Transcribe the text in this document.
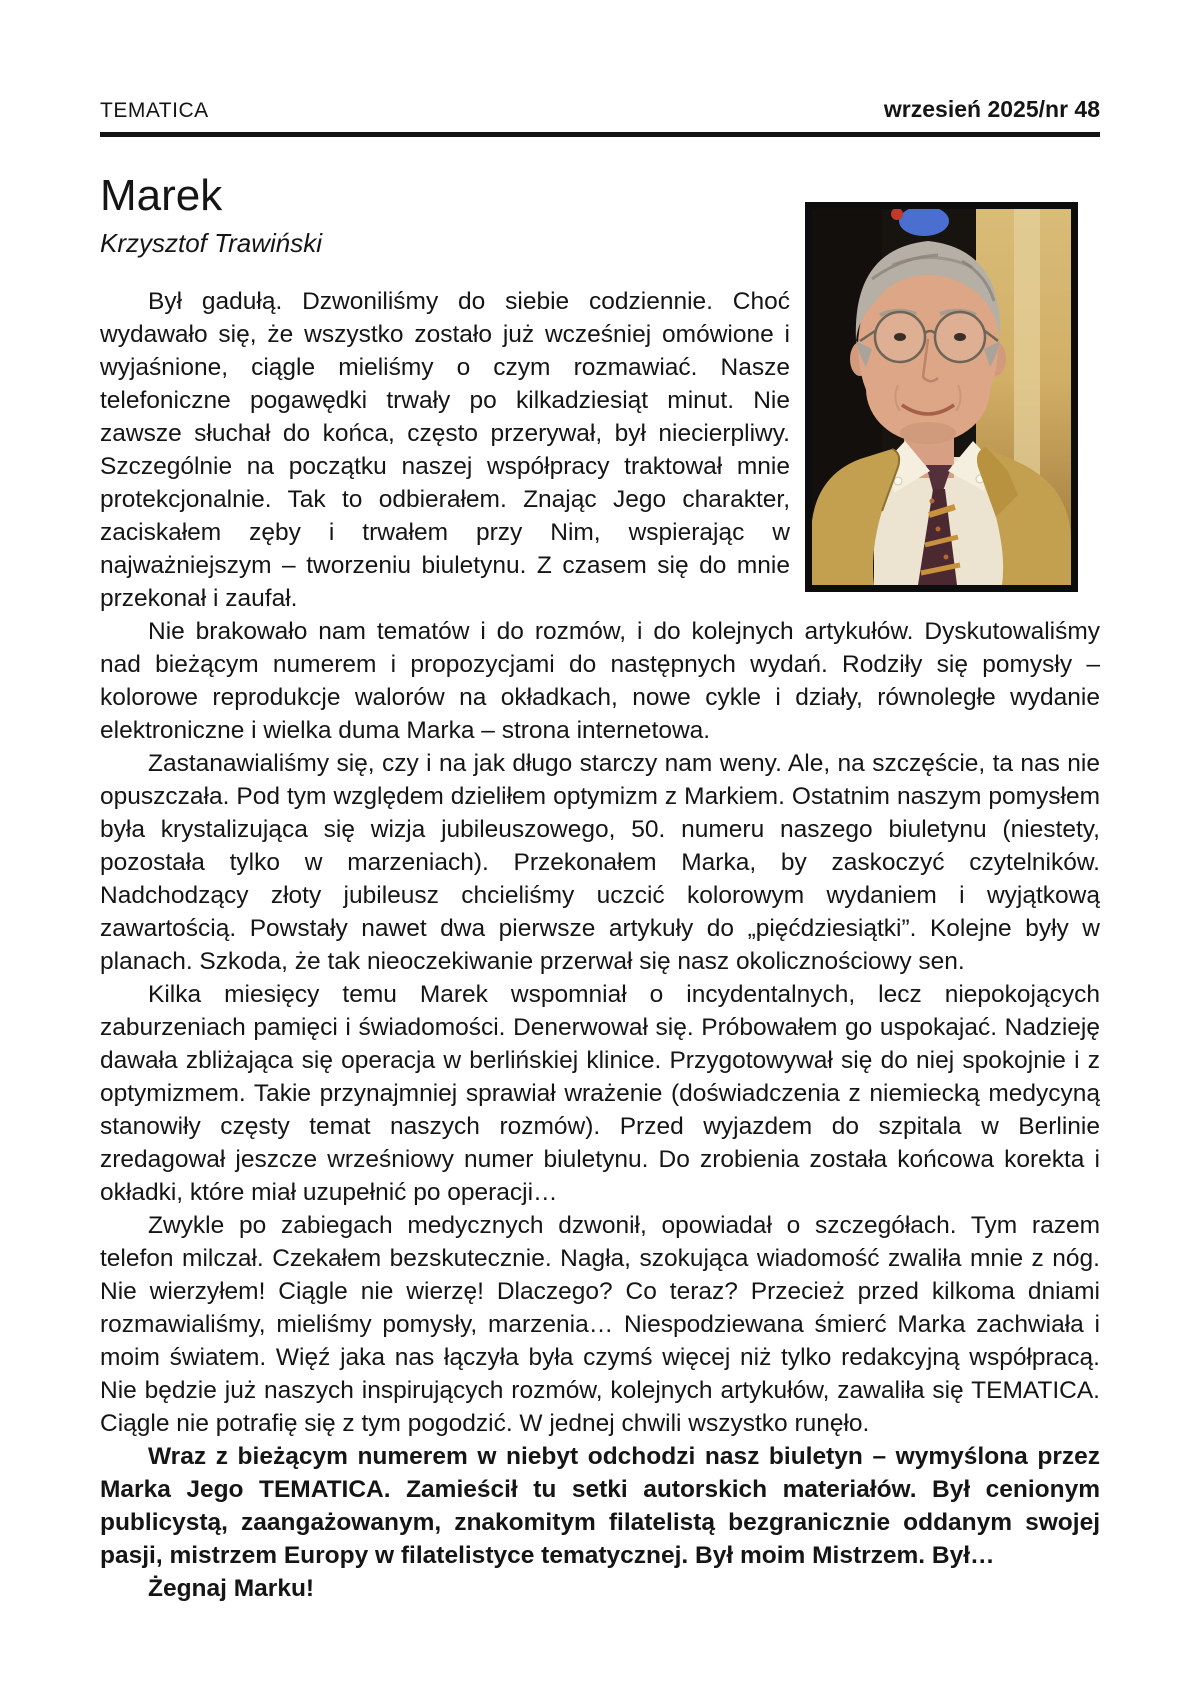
TEMATICA	wrzesień 2025/nr 48
Marek
Krzysztof Trawiński

Był gadułą. Dzwoniliśmy do siebie codziennie. Choć wydawało się, że wszystko zostało już wcześniej omówione i wyjaśnione, ciągle mieliśmy o czym rozmawiać. Nasze telefoniczne pogawędki trwały po kilkadziesiąt minut. Nie zawsze słuchał do końca, często przerywał, był niecierpliwy. Szczególnie na początku naszej współpracy traktował mnie protekcjonalnie. Tak to odbierałem. Znając Jego charakter, zaciskałem zęby i trwałem przy Nim, wspierając w najważniejszym – tworzeniu biuletynu. Z czasem się do mnie przekonał i zaufał.

Nie brakowało nam tematów i do rozmów, i do kolejnych artykułów. Dyskutowaliśmy nad bieżącym numerem i propozycjami do następnych wydań. Rodziły się pomysły – kolorowe reprodukcje walorów na okładkach, nowe cykle i działy, równoległe wydanie elektroniczne i wielka duma Marka – strona internetowa.

Zastanawialiśmy się, czy i na jak długo starczy nam weny. Ale, na szczęście, ta nas nie opuszczała. Pod tym względem dzieliłem optymizm z Markiem. Ostatnim naszym pomysłem była krystalizująca się wizja jubileuszowego, 50. numeru naszego biuletynu (niestety, pozostała tylko w marzeniach). Przekonałem Marka, by zaskoczyć czytelników. Nadchodzący złoty jubileusz chcieliśmy uczcić kolorowym wydaniem i wyjątkową zawartością. Powstały nawet dwa pierwsze artykuły do „pięćdziesiątki”. Kolejne były w planach. Szkoda, że tak nieoczekiwanie przerwał się nasz okolicznościowy sen.

Kilka miesięcy temu Marek wspomniał o incydentalnych, lecz niepokojących zaburzeniach pamięci i świadomości. Denerwował się. Próbowałem go uspokajać. Nadzieję dawała zbliżająca się operacja w berlińskiej klinice. Przygotowywał się do niej spokojnie i z optymizmem. Takie przynajmniej sprawiał wrażenie (doświadczenia z niemiecką medycyną stanowiły częsty temat naszych rozmów). Przed wyjazdem do szpitala w Berlinie zredagował jeszcze wrześniowy numer biuletynu. Do zrobienia została końcowa korekta i okładki, które miał uzupełnić po operacji…

Zwykle po zabiegach medycznych dzwonił, opowiadał o szczegółach. Tym razem telefon milczał. Czekałem bezskutecznie. Nagła, szokująca wiadomość zwaliła mnie z nóg. Nie wierzyłem! Ciągle nie wierzę! Dlaczego? Co teraz? Przecież przed kilkoma dniami rozmawialiśmy, mieliśmy pomysły, marzenia… Niespodziewana śmierć Marka zachwiała i moim światem. Więź jaka nas łączyła była czymś więcej niż tylko redakcyjną współpracą. Nie będzie już naszych inspirujących rozmów, kolejnych artykułów, zawaliła się TEMATICA. Ciągle nie potrafię się z tym pogodzić. W jednej chwili wszystko runęło.

Wraz z bieżącym numerem w niebyt odchodzi nasz biuletyn – wymyślona przez Marka Jego TEMATICA. Zamieścił tu setki autorskich materiałów. Był cenionym publicystą, zaangażowanym, znakomitym filatelistą bezgranicznie oddanym swojej pasji, mistrzem Europy w filatelistyce tematycznej. Był moim Mistrzem. Był…

Żegnaj Marku!
